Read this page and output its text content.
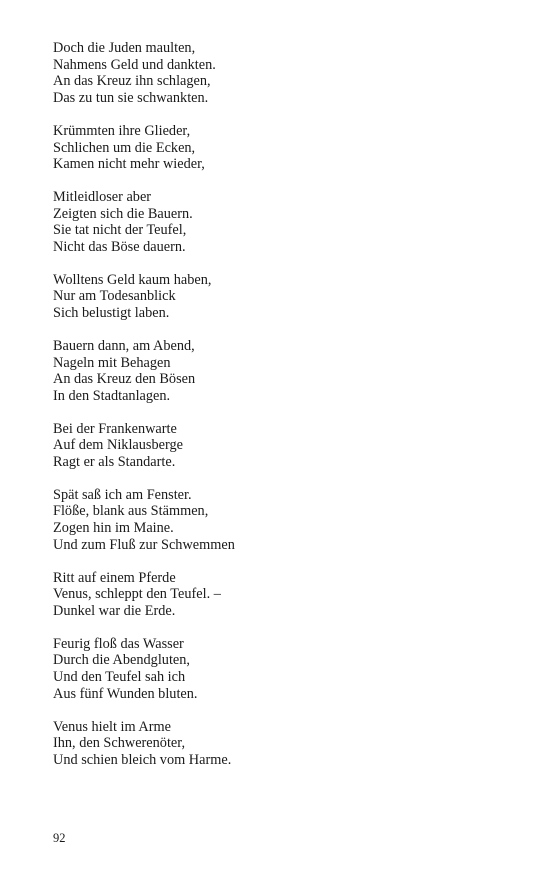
Doch die Juden maulten,
Nahmens Geld und dankten.
An das Kreuz ihn schlagen,
Das zu tun sie schwankten.
Krümmten ihre Glieder,
Schlichen um die Ecken,
Kamen nicht mehr wieder,
Mitleidloser aber
Zeigten sich die Bauern.
Sie tat nicht der Teufel,
Nicht das Böse dauern.
Wolltens Geld kaum haben,
Nur am Todesanblick
Sich belustigt laben.
Bauern dann, am Abend,
Nageln mit Behagen
An das Kreuz den Bösen
In den Stadtanlagen.
Bei der Frankenwarte
Auf dem Niklausberge
Ragt er als Standarte.
Spät saß ich am Fenster.
Flöße, blank aus Stämmen,
Zogen hin im Maine.
Und zum Fluß zur Schwemmen
Ritt auf einem Pferde
Venus, schleppt den Teufel. –
Dunkel war die Erde.
Feurig floß das Wasser
Durch die Abendgluten,
Und den Teufel sah ich
Aus fünf Wunden bluten.
Venus hielt im Arme
Ihn, den Schwerenöter,
Und schien bleich vom Harme.
92
